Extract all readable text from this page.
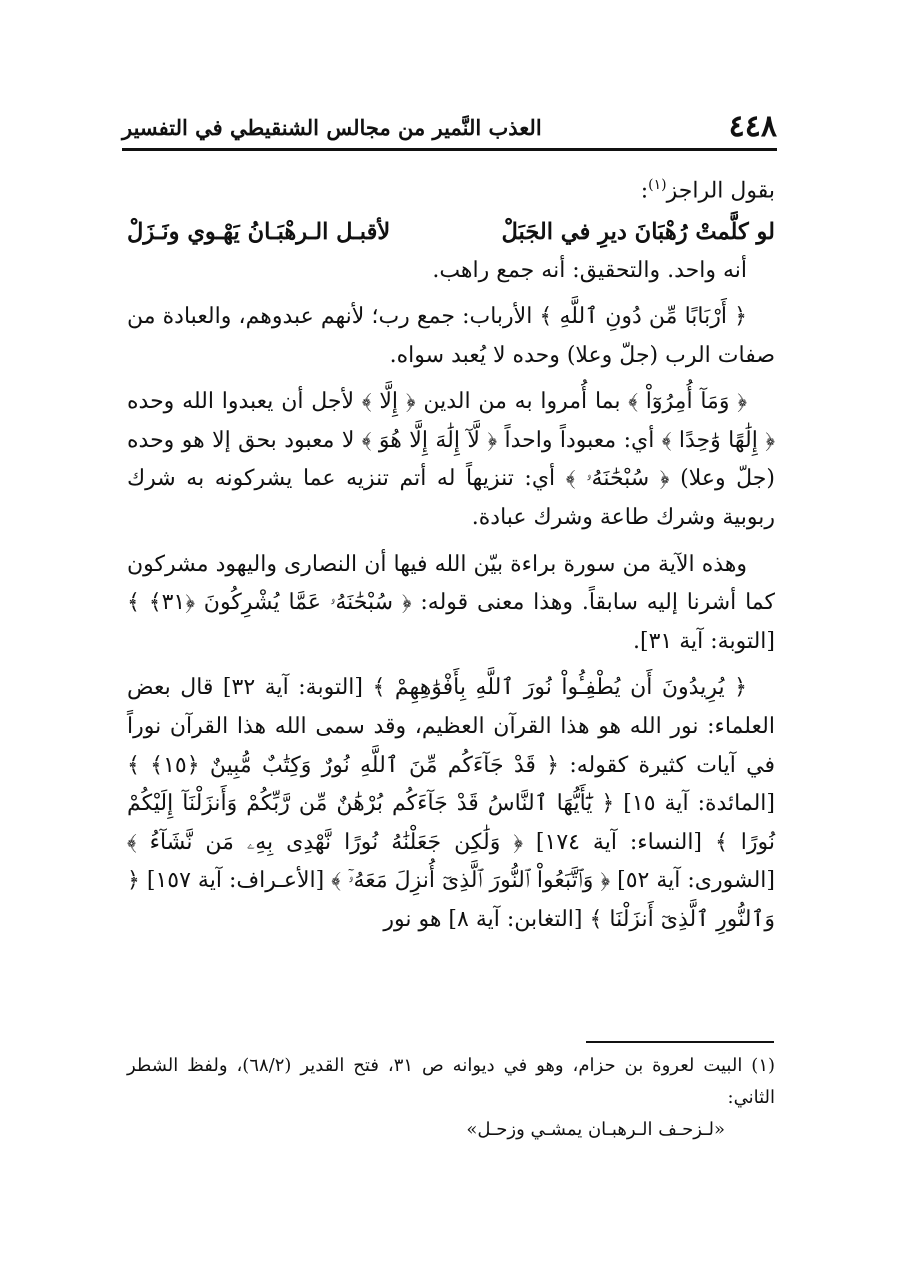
٤٤٨
العذب النَّمير من مجالس الشنقيطي في التفسير

بقول الراجز$^{(١)}$:

لو كلَّمتْ رُهْبَانَ ديرِ في الجَبَلْ
لأقبـل الـرهْبَـانُ يَهْـوي ونَـزَلْ

أنه واحد. والتحقيق: أنه جمع راهب.

﴿ أَرْبَابًا مِّن دُونِ ٱللَّهِ ﴾ الأرباب: جمع رب؛ لأنهم عبدوهم، والعبادة من صفات الرب (جلّ وعلا) وحده لا يُعبد سواه.

﴿ وَمَآ أُمِرُوٓاْ ﴾ بما أُمروا به من الدين ﴿ إِلَّا ﴾ لأجل أن يعبدوا الله وحده ﴿ إِلَٰهًا وَٰحِدًا ﴾ أي: معبوداً واحداً ﴿ لَّآ إِلَٰهَ إِلَّا هُوَ ﴾ لا معبود بحق إلا هو وحده (جلّ وعلا) ﴿ سُبْحَٰنَهُۥ ﴾ أي: تنزيهاً له أتم تنزيه عما يشركونه به شرك ربوبية وشرك طاعة وشرك عبادة.

وهذه الآية من سورة براءة بيّن الله فيها أن النصارى واليهود مشركون كما أشرنا إليه سابقاً. وهذا معنى قوله: ﴿ سُبْحَٰنَهُۥ عَمَّا يُشْرِكُونَ ﴿٣١﴾ ﴾ [التوبة: آية ٣١].

﴿ يُرِيدُونَ أَن يُطْفِـُٔواْ نُورَ ٱللَّهِ بِأَفْوَٰهِهِمْ ﴾ [التوبة: آية ٣٢] قال بعض العلماء: نور الله هو هذا القرآن العظيم، وقد سمى الله هذا القرآن نوراً في آيات كثيرة كقوله: ﴿ قَدْ جَآءَكُم مِّنَ ٱللَّهِ نُورٌ وَكِتَٰبٌ مُّبِينٌ ﴿١٥﴾ ﴾ [المائدة: آية ١٥] ﴿ يَٰٓأَيُّهَا ٱلنَّاسُ قَدْ جَآءَكُم بُرْهَٰنٌ مِّن رَّبِّكُمْ وَأَنزَلْنَآ إِلَيْكُمْ نُورًا ﴾ [النساء: آية ١٧٤] ﴿ وَلَٰكِن جَعَلْنَٰهُ نُورًا نَّهْدِى بِهِۦ مَن نَّشَآءُ ﴾ [الشورى: آية ٥٢] ﴿ وَٱتَّبَعُواْ ٱلنُّورَ ٱلَّذِىٓ أُنزِلَ مَعَهُۥٓ ﴾ [الأعـراف: آية ١٥٧] ﴿ وَٱلنُّورِ ٱلَّذِىٓ أَنزَلْنَا ﴾ [التغابن: آية ٨] هو نور

(١) البيت لعروة بن حزام، وهو في ديوانه ص ٣١، فتح القدير (٦٨/٢)، ولفظ الشطر الثاني:

«لـزحـف الـرهبـان يمشـي وزحـل»
